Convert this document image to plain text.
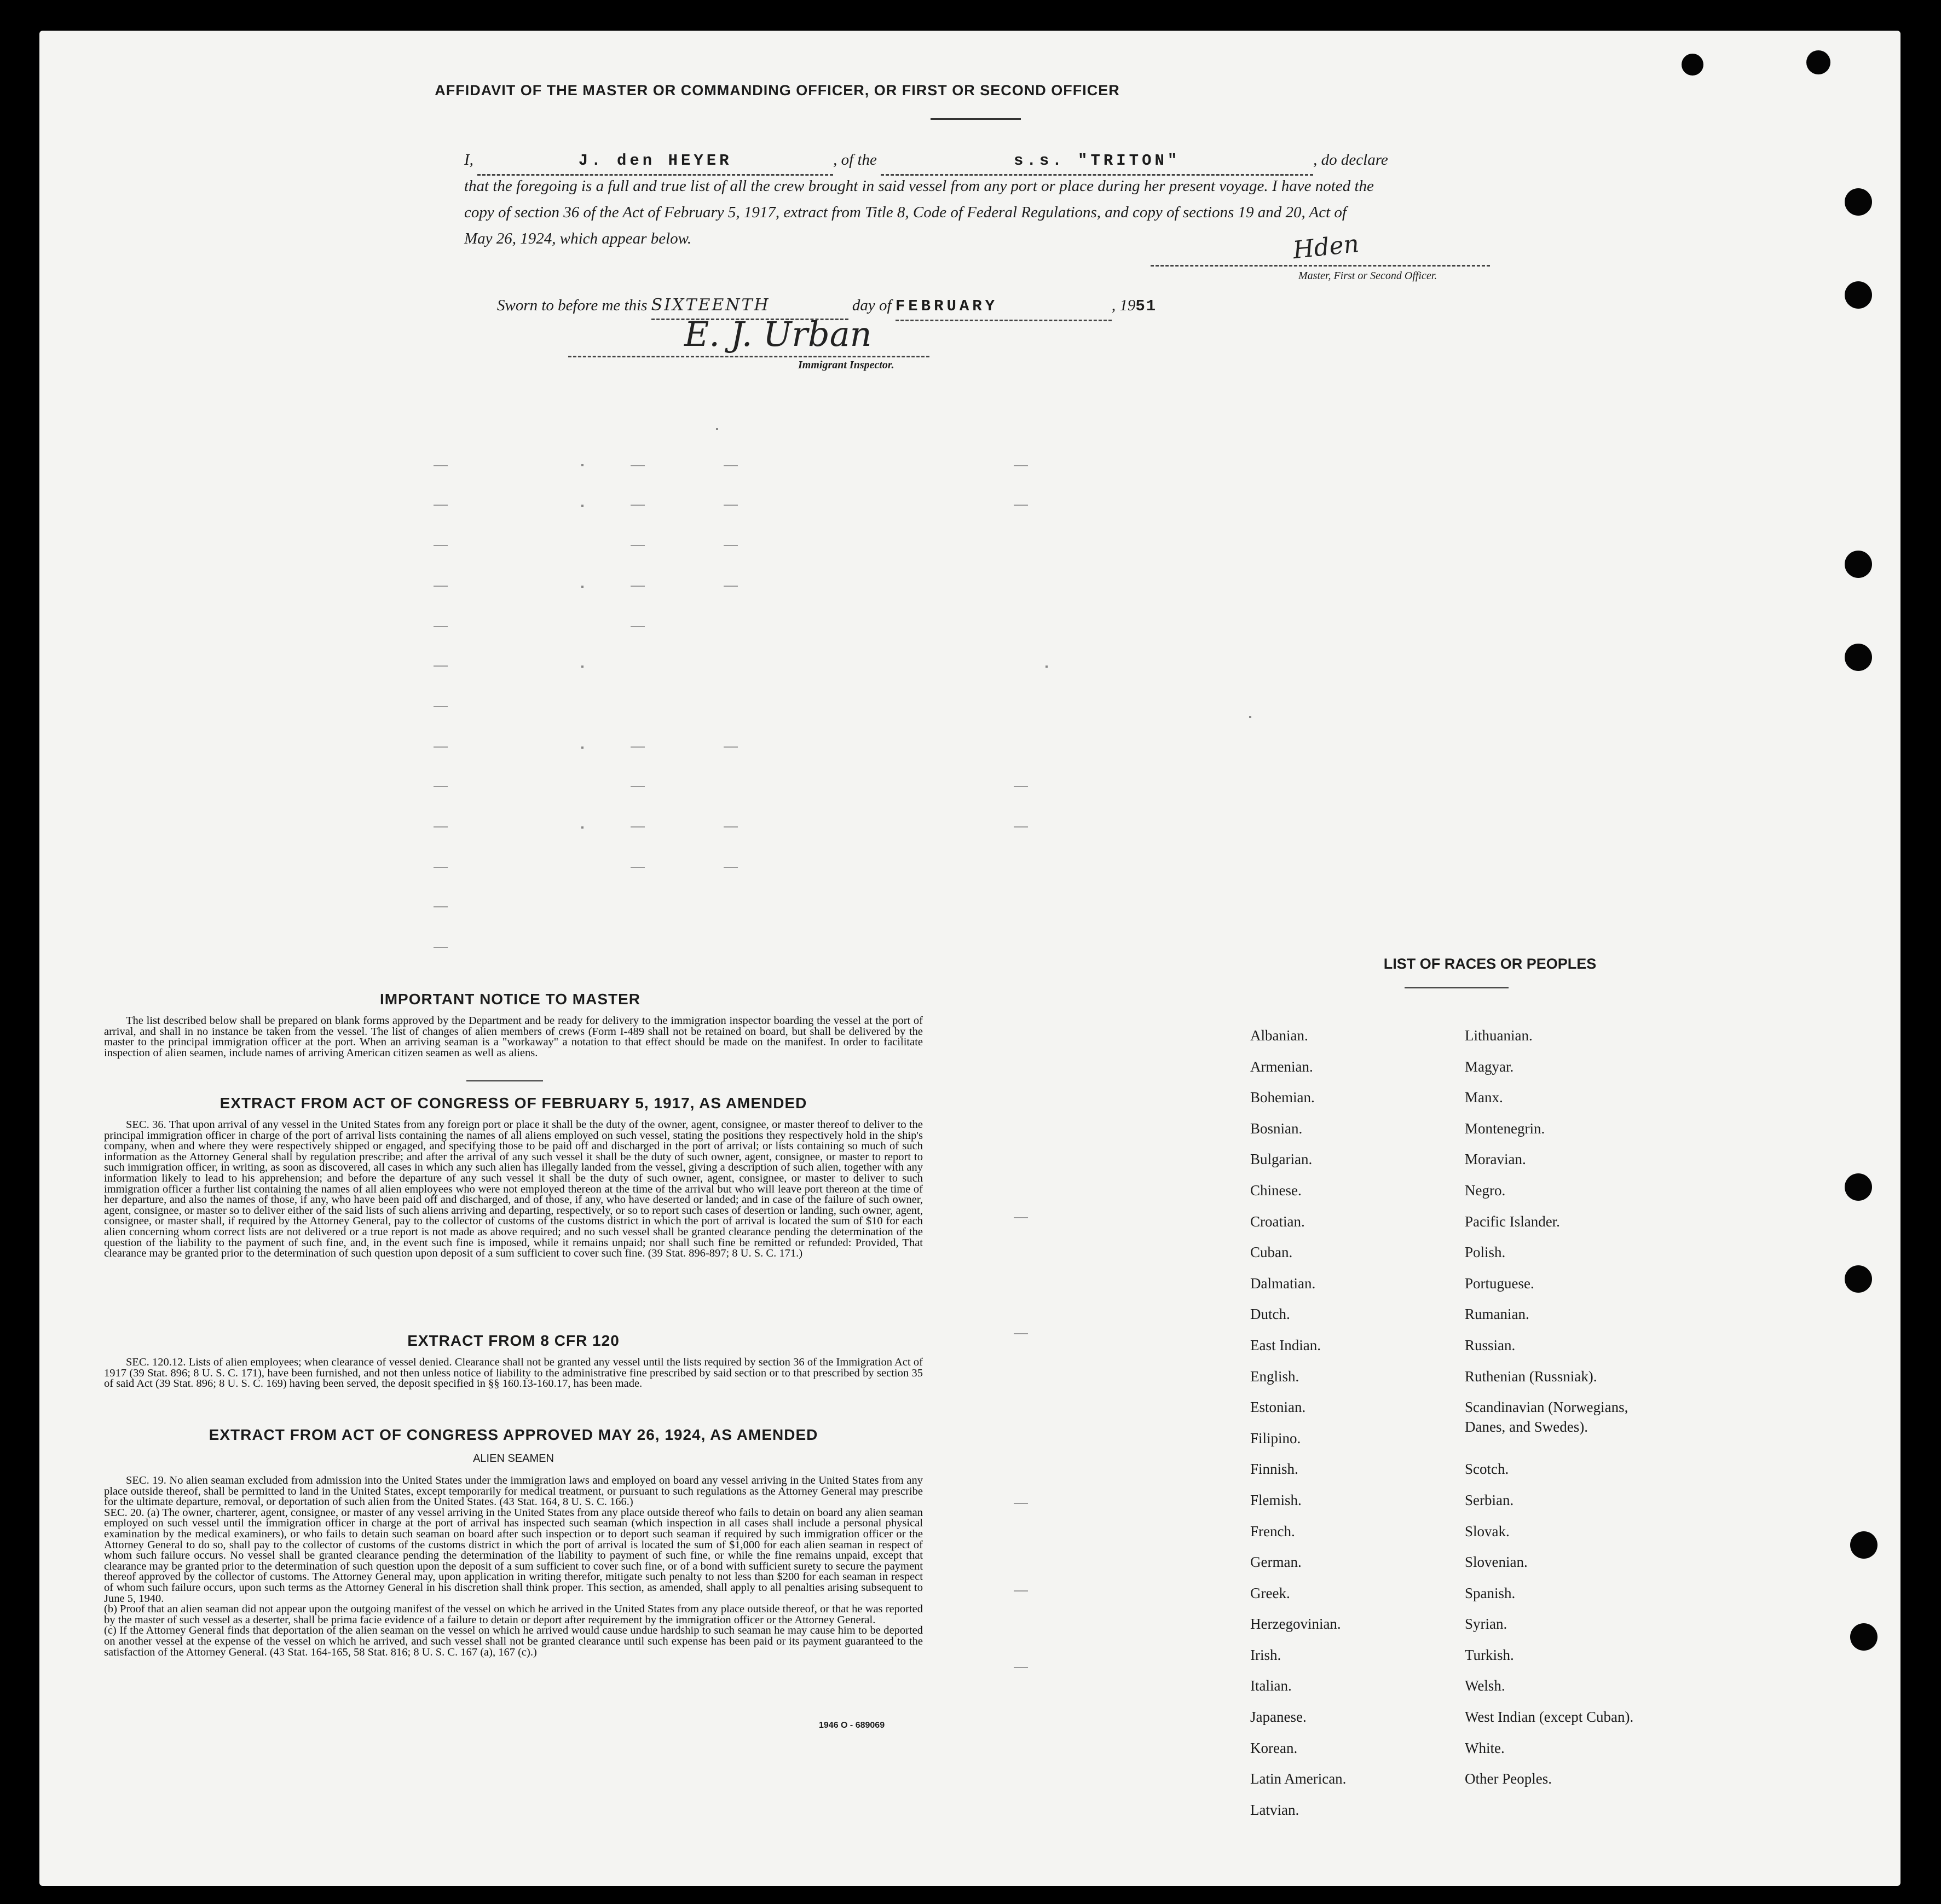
AFFIDAVIT OF THE MASTER OR COMMANDING OFFICER, OR FIRST OR SECOND OFFICER
I,	J. den HEYER	, of the	s.s. "TRITON"	, do declare
that the foregoing is a full and true list of all the crew brought in said vessel from any port or place during her present voyage. I have noted the
copy of section 36 of the Act of February 5, 1917, extract from Title 8, Code of Federal Regulations, and copy of sections 19 and 20, Act of
May 26, 1924, which appear below.	Hden
Master, First or Second Officer.
Sworn to before me this SIXTEENTH	day of FEBRUARY	, 1951
E. J. Urban
Immigrant Inspector.
IMPORTANT NOTICE TO MASTER
The list described below shall be prepared on blank forms approved by the Department and be ready for delivery to the immigration inspector boarding the vessel at the port of arrival, and shall in no instance be taken from the vessel. The list of changes of alien members of crews (Form I-489 shall not be retained on board, but shall be delivered by the master to the principal immigration officer at the port. When an arriving seaman is a "workaway" a notation to that effect should be made on the manifest. In order to facilitate inspection of alien seamen, include names of arriving American citizen seamen as well as aliens.
EXTRACT FROM ACT OF CONGRESS OF FEBRUARY 5, 1917, AS AMENDED
SEC. 36. That upon arrival of any vessel in the United States from any foreign port or place it shall be the duty of the owner, agent, consignee, or master thereof to deliver to the principal immigration officer in charge of the port of arrival lists containing the names of all aliens employed on such vessel, stating the positions they respectively hold in the ship's company, when and where they were respectively shipped or engaged, and specifying those to be paid off and discharged in the port of arrival; or lists containing so much of such information as the Attorney General shall by regulation prescribe; and after the arrival of any such vessel it shall be the duty of such owner, agent, consignee, or master to report to such immigration officer, in writing, as soon as discovered, all cases in which any such alien has illegally landed from the vessel, giving a description of such alien, together with any information likely to lead to his apprehension; and before the departure of any such vessel it shall be the duty of such owner, agent, consignee, or master to deliver to such immigration officer a further list containing the names of all alien employees who were not employed thereon at the time of the arrival but who will leave port thereon at the time of her departure, and also the names of those, if any, who have been paid off and discharged, and of those, if any, who have deserted or landed; and in case of the failure of such owner, agent, consignee, or master so to deliver either of the said lists of such aliens arriving and departing, respectively, or so to report such cases of desertion or landing, such owner, agent, consignee, or master shall, if required by the Attorney General, pay to the collector of customs of the customs district in which the port of arrival is located the sum of $10 for each alien concerning whom correct lists are not delivered or a true report is not made as above required; and no such vessel shall be granted clearance pending the determination of the question of the liability to the payment of such fine, and, in the event such fine is imposed, while it remains unpaid; nor shall such fine be remitted or refunded: Provided, That clearance may be granted prior to the determination of such question upon deposit of a sum sufficient to cover such fine. (39 Stat. 896-897; 8 U. S. C. 171.)
EXTRACT FROM 8 CFR 120
SEC. 120.12. Lists of alien employees; when clearance of vessel denied. Clearance shall not be granted any vessel until the lists required by section 36 of the Immigration Act of 1917 (39 Stat. 896; 8 U. S. C. 171), have been furnished, and not then unless notice of liability to the administrative fine prescribed by said section or to that prescribed by section 35 of said Act (39 Stat. 896; 8 U. S. C. 169) having been served, the deposit specified in §§ 160.13-160.17, has been made.
EXTRACT FROM ACT OF CONGRESS APPROVED MAY 26, 1924, AS AMENDED
ALIEN SEAMEN
SEC. 19. No alien seaman excluded from admission into the United States under the immigration laws and employed on board any vessel arriving in the United States from any place outside thereof, shall be permitted to land in the United States, except temporarily for medical treatment, or pursuant to such regulations as the Attorney General may prescribe for the ultimate departure, removal, or deportation of such alien from the United States. (43 Stat. 164, 8 U. S. C. 166.)
SEC. 20. (a) The owner, charterer, agent, consignee, or master of any vessel arriving in the United States from any place outside thereof who fails to detain on board any alien seaman employed on such vessel until the immigration officer in charge at the port of arrival has inspected such seaman (which inspection in all cases shall include a personal physical examination by the medical examiners), or who fails to detain such seaman on board after such inspection or to deport such seaman if required by such immigration officer or the Attorney General to do so, shall pay to the collector of customs of the customs district in which the port of arrival is located the sum of $1,000 for each alien seaman in respect of whom such failure occurs. No vessel shall be granted clearance pending the determination of the liability to payment of such fine, or while the fine remains unpaid, except that clearance may be granted prior to the determination of such question upon the deposit of a sum sufficient to cover such fine, or of a bond with sufficient surety to secure the payment thereof approved by the collector of customs. The Attorney General may, upon application in writing therefor, mitigate such penalty to not less than $200 for each seaman in respect of whom such failure occurs, upon such terms as the Attorney General in his discretion shall think proper. This section, as amended, shall apply to all penalties arising subsequent to June 5, 1940.
(b) Proof that an alien seaman did not appear upon the outgoing manifest of the vessel on which he arrived in the United States from any place outside thereof, or that he was reported by the master of such vessel as a deserter, shall be prima facie evidence of a failure to detain or deport after requirement by the immigration officer or the Attorney General.
(c) If the Attorney General finds that deportation of the alien seaman on the vessel on which he arrived would cause undue hardship to such seaman he may cause him to be deported on another vessel at the expense of the vessel on which he arrived, and such vessel shall not be granted clearance until such expense has been paid or its payment guaranteed to the satisfaction of the Attorney General. (43 Stat. 164-165, 58 Stat. 816; 8 U. S. C. 167 (a), 167 (c).)
1946 O - 689069
LIST OF RACES OR PEOPLES
Albanian.
Armenian.
Bohemian.
Bosnian.
Bulgarian.
Chinese.
Croatian.
Cuban.
Dalmatian.
Dutch.
East Indian.
English.
Estonian.
Filipino.
Finnish.
Flemish.
French.
German.
Greek.
Herzegovinian.
Irish.
Italian.
Japanese.
Korean.
Latin American.
Latvian.
Lithuanian.
Magyar.
Manx.
Montenegrin.
Moravian.
Negro.
Pacific Islander.
Polish.
Portuguese.
Rumanian.
Russian.
Ruthenian (Russniak).
Scandinavian (Norwegians,
Danes, and Swedes).
Scotch.
Serbian.
Slovak.
Slovenian.
Spanish.
Syrian.
Turkish.
Welsh.
West Indian (except Cuban).
White.
Other Peoples.
